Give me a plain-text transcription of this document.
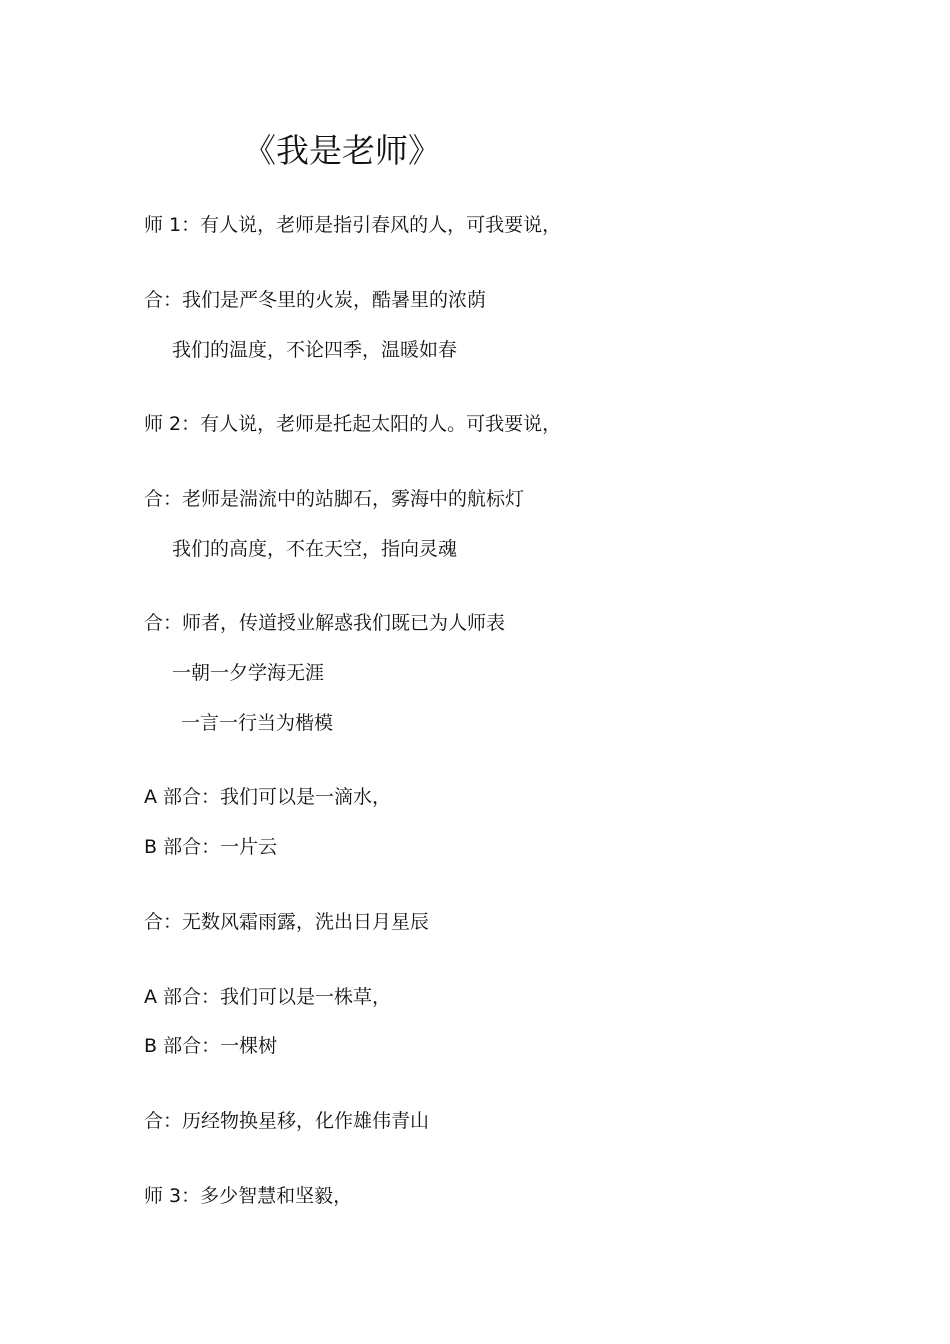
《我是老师》
师 1：有人说，老师是指引春风的人，可我要说，
合：我们是严冬里的火炭，酷暑里的浓荫
我们的温度，不论四季，温暖如春
师 2：有人说，老师是托起太阳的人。可我要说，
合：老师是湍流中的站脚石，雾海中的航标灯
我们的高度，不在天空，指向灵魂
合：师者，传道授业解惑我们既已为人师表
一朝一夕学海无涯
一言一行当为楷模
A 部合：我们可以是一滴水，
B 部合：一片云
合：无数风霜雨露，洗出日月星辰
A 部合：我们可以是一株草，
B 部合：一棵树
合：历经物换星移，化作雄伟青山
师 3：多少智慧和坚毅，
